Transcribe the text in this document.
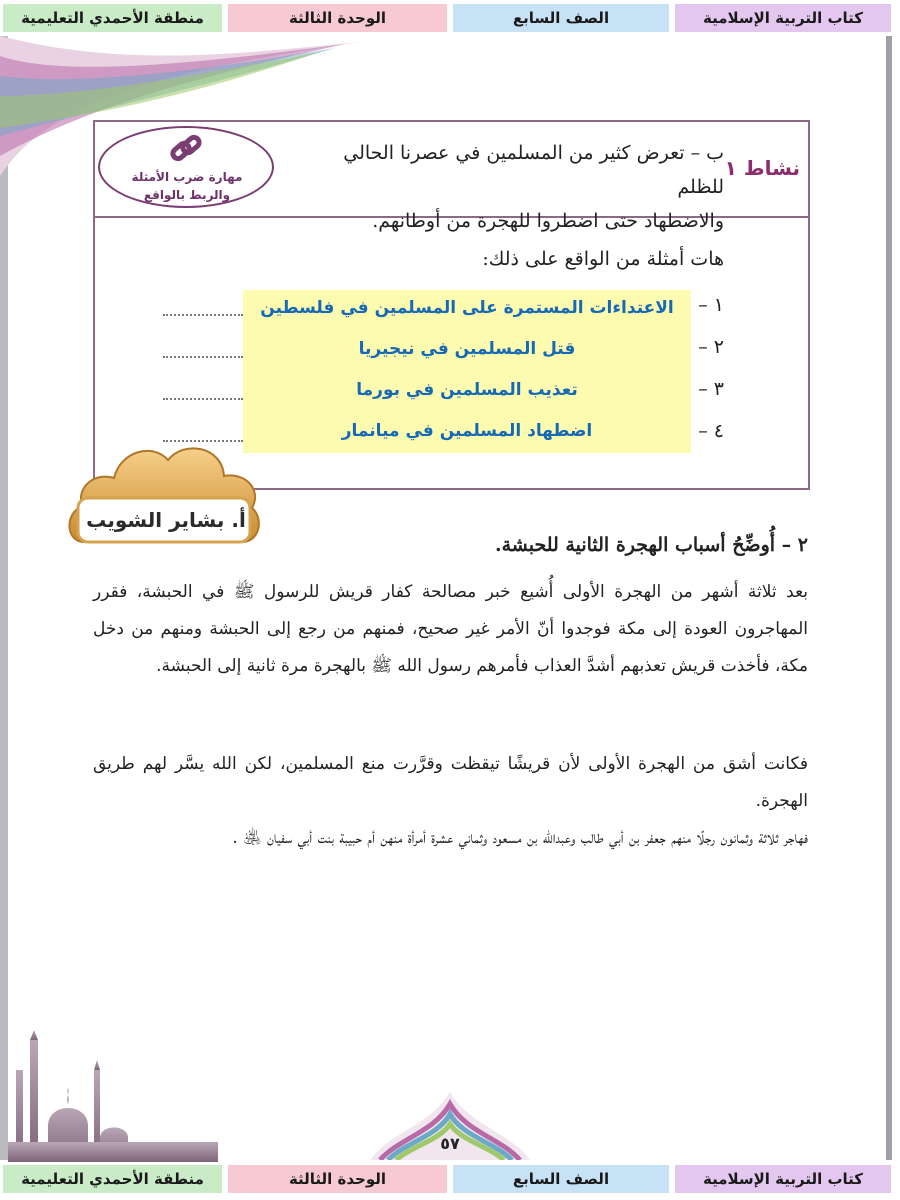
منطقة الأحمدي التعليمية	الوحدة الثالثة	الصف السابع	كتاب التربية الإسلامية
نشاط ١
ب – تعرض كثير من المسلمين في عصرنا الحالي للظلم
والاضطهاد حتى اضطروا للهجرة من أوطانهم.
مهارة ضرب الأمثلة
والربط بالواقع
هات أمثلة من الواقع على ذلك:
١ –
٢ –
٣ –
٤ –
الاعتداءات المستمرة على المسلمين في فلسطين
قتل المسلمين في نيجيريا
تعذيب المسلمين في بورما
اضطهاد المسلمين في ميانمار
أ. بشاير الشويب
٢ – أُوضِّحُ أسباب الهجرة الثانية للحبشة.
بعد ثلاثة أشهر من الهجرة الأولى أُشيع خبر مصالحة كفار قريش للرسول ﷺ في الحبشة، فقرر المهاجرون العودة إلى مكة فوجدوا أنّ الأمر غير صحيح، فمنهم من رجع إلى الحبشة ومنهم من دخل مكة، فأخذت قريش تعذبهم أشدَّ العذاب فأمرهم رسول الله ﷺ بالهجرة مرة ثانية إلى الحبشة.
فكانت أشق من الهجرة الأولى لأن قريشًا تيقظت وقرَّرت منع المسلمين، لكن الله يسَّر لهم طريق الهجرة.
فهاجر ثلاثة وثمانون رجلًا منهم جعفر بن أبي طالب وعبدالله بن مسعود وثماني عشرة أمرأة منهن أم حبيبة بنت أبي سفيان ﵁ .
٥٧
منطقة الأحمدي التعليمية	الوحدة الثالثة	الصف السابع	كتاب التربية الإسلامية
